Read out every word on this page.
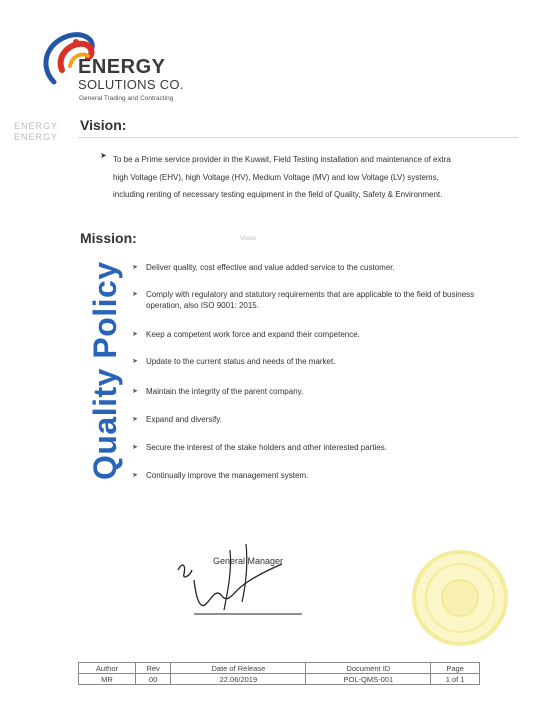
ENERGY
SOLUTIONS CO.
General Trading and Contracting
ENERGY
ENERGY
Vision:
➤ To be a Prime service provider in the Kuwait, Field Testing installation and maintenance of extra high Voltage (EHV), high Voltage (HV), Medium Voltage (MV) and low Voltage (LV) systems, including renting of necessary testing equipment in the field of Quality, Safety & Environment.
Mission:	Vision
Quality Policy ➤ Deliver quality, cost effective and value added service to the customer.
➤ Comply with regulatory and statutory requirements that are applicable to the field of business operation, also ISO 9001: 2015.
➤ Keep a competent work force and expand their competence.
➤ Update to the current status and needs of the market.
➤ Maintain the integrity of the parent company.
➤ Expand and diversify.
➤ Secure the interest of the stake holders and other interested parties.
➤ Continually improve the management system.
General Manager
Author	Rev	Date of Release	Document ID	Page
MR	00	22.06/2019	POL-QMS-001	1 of 1
